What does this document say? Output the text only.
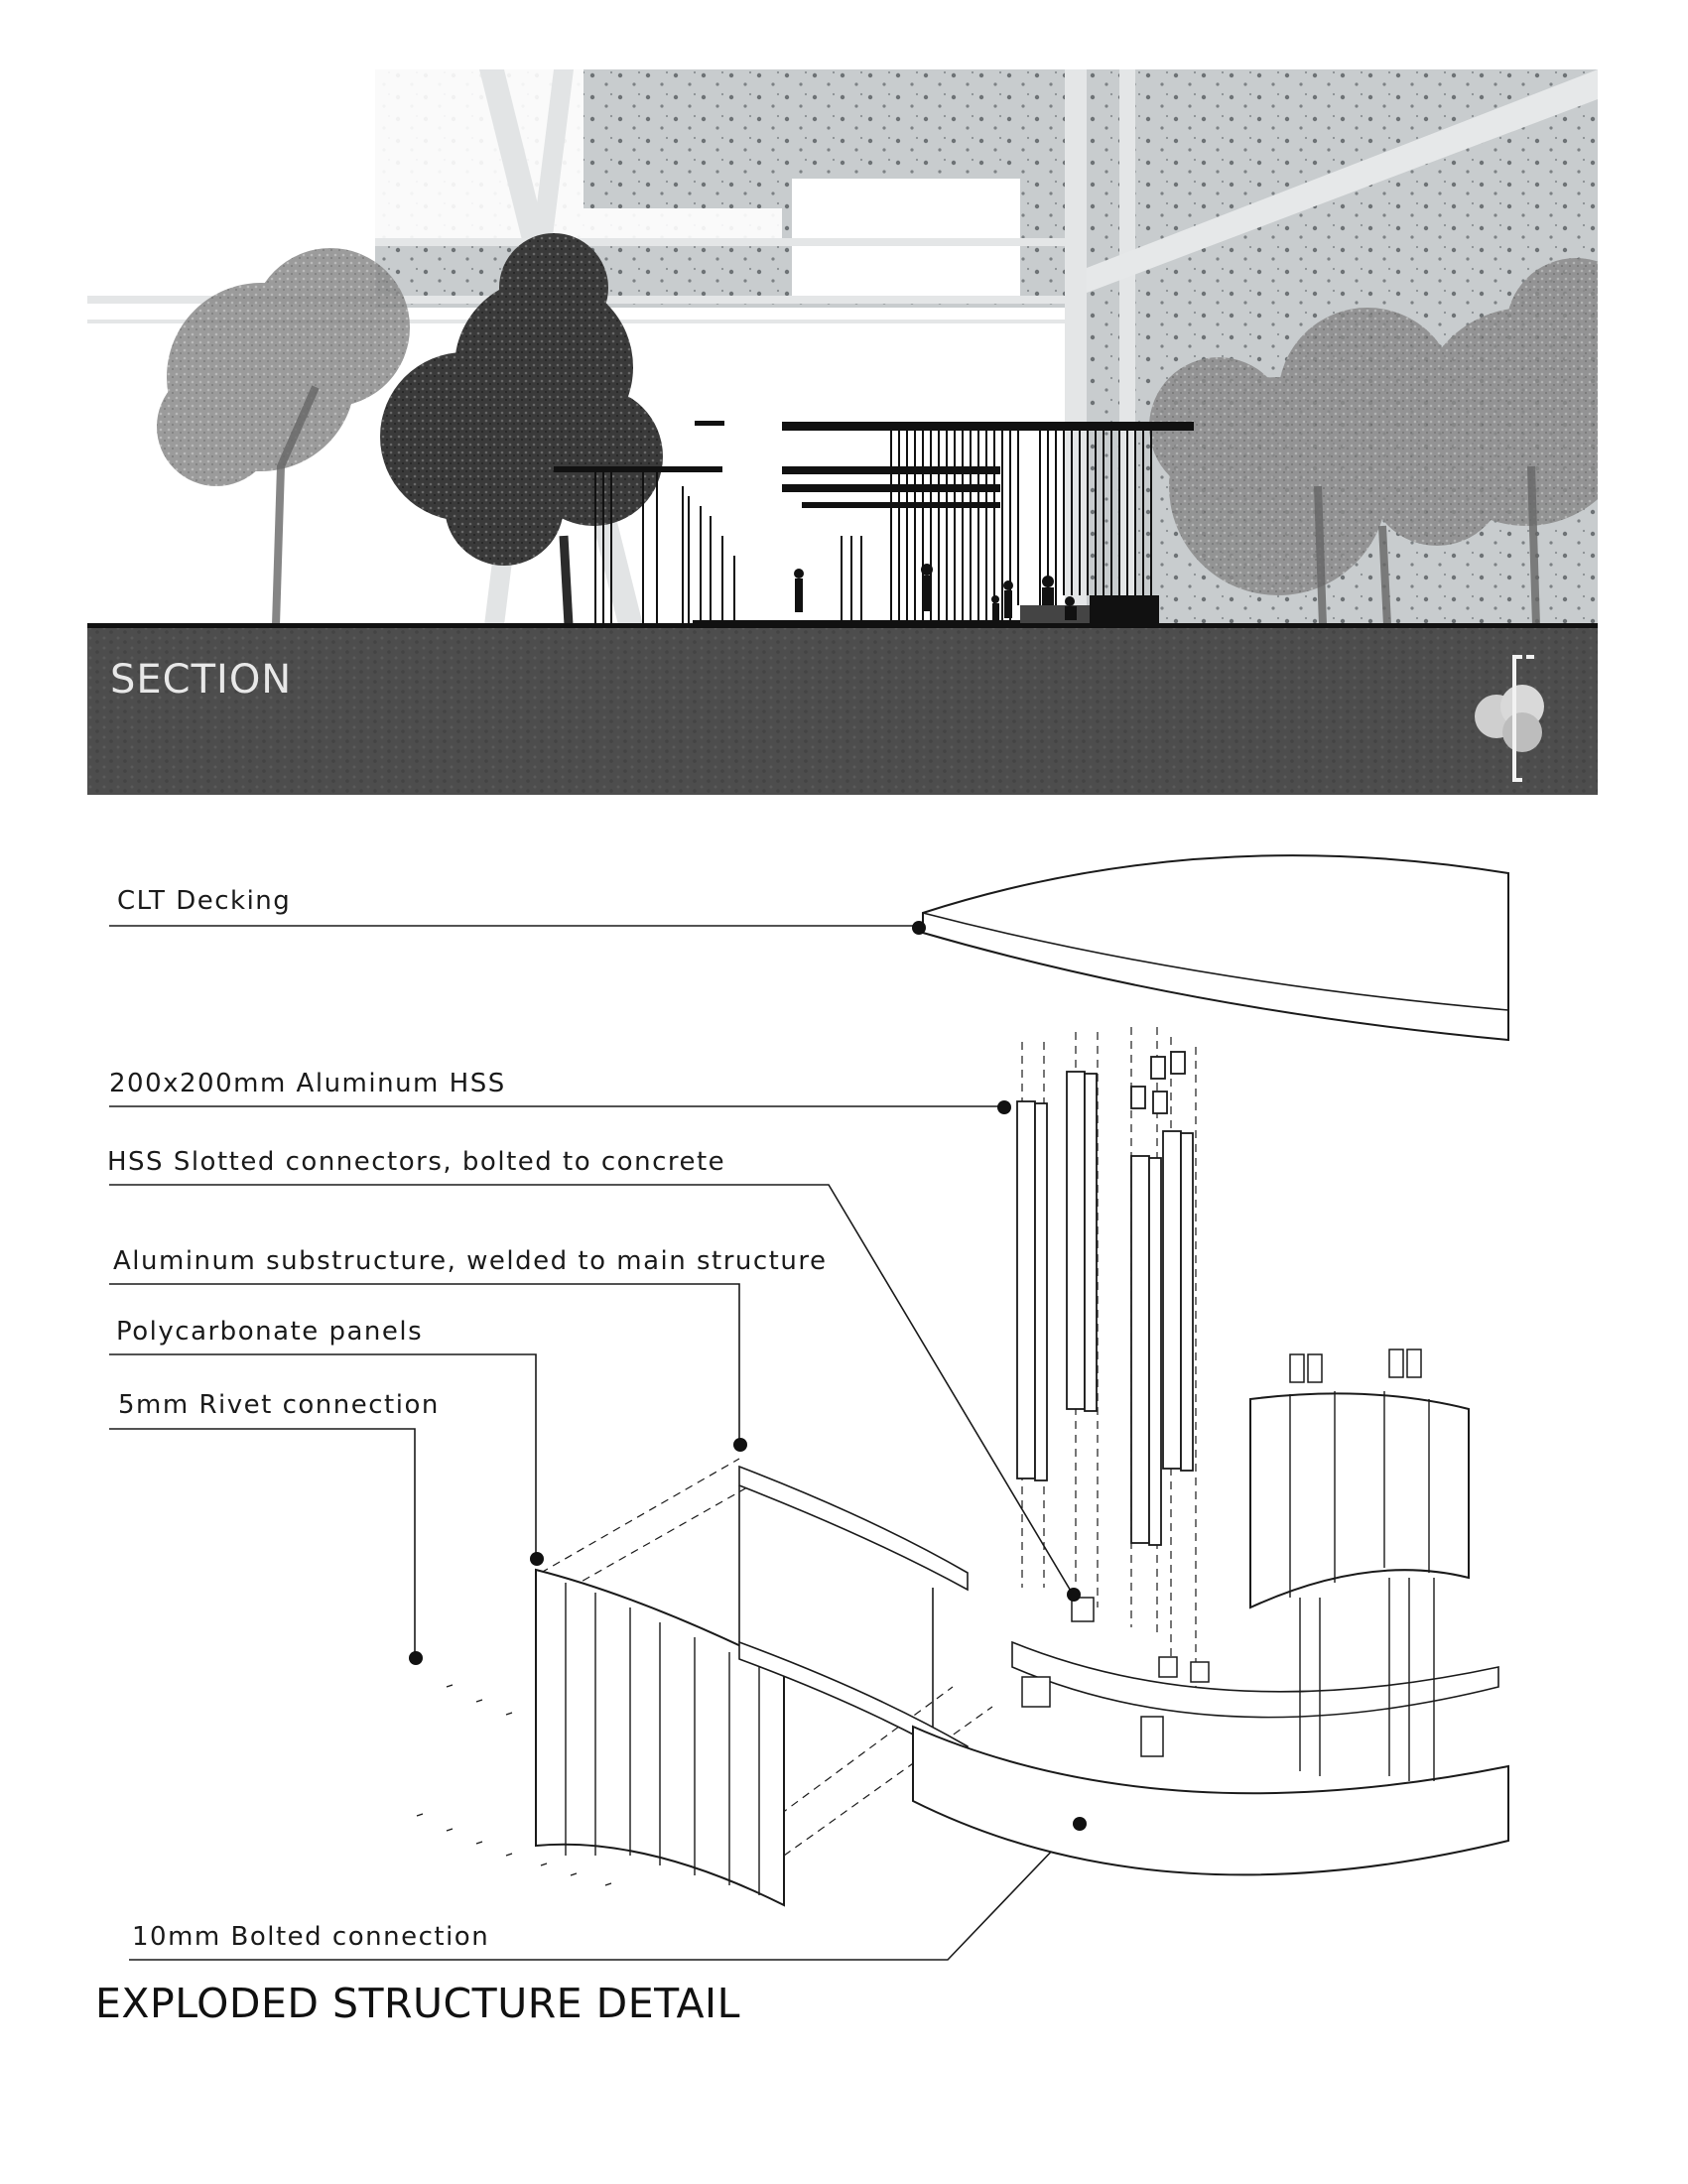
SECTION
CLT Decking
200x200mm Aluminum HSS
HSS Slotted connectors, bolted to concrete
Aluminum substructure, welded to main structure
Polycarbonate panels
5mm Rivet connection
10mm Bolted connection
EXPLODED STRUCTURE DETAIL
